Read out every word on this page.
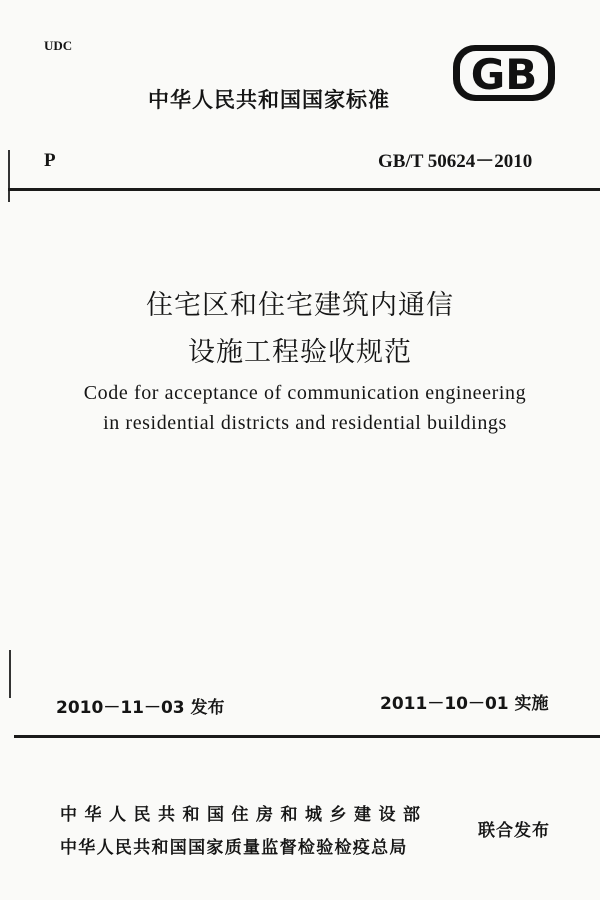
UDC
中华人民共和国国家标准
GB
P	GB/T 50624－2010
住宅区和住宅建筑内通信
设施工程验收规范
Code for acceptance of communication engineering
in residential districts and residential buildings
2010－11－03 发布	2011－10－01 实施
中华人民共和国住房和城乡建设部
中华人民共和国国家质量监督检验检疫总局
联合发布
